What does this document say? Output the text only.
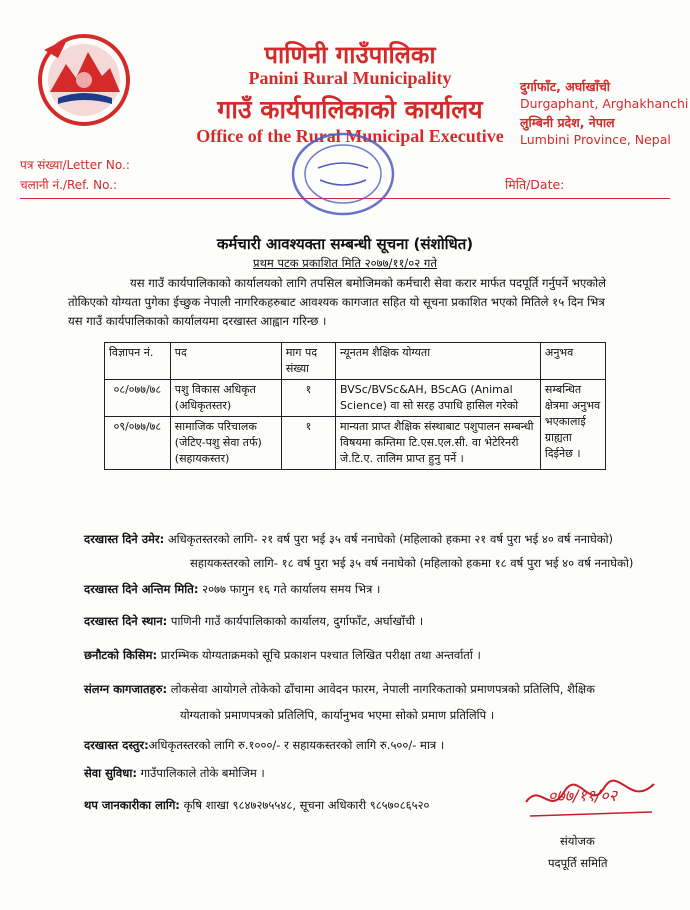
पाणिनी गाउँपालिका
Panini Rural Municipality
गाउँ कार्यपालिकाको कार्यालय
Office of the Rural Municipal Executive
दुर्गाफाँट, अर्घाखाँची
Durgaphant, Arghakhanchi
लुम्बिनी प्रदेश, नेपाल
Lumbini Province, Nepal
पत्र संख्या/Letter No.:
चलानी नं./Ref. No.:	मिति/Date:
कर्मचारी आवश्यक्ता सम्बन्धी सूचना (संशोधित)
प्रथम पटक प्रकाशित मिति २०७७/११/०२ गते
यस गाउँ कार्यपालिकाको कार्यालयको लागि तपसिल बमोजिमको कर्मचारी सेवा करार मार्फत पदपूर्ति गर्नुपर्ने भएकोले
तोकिएको योग्यता पुगेका ईच्छुक नेपाली नागरिकहरुबाट आवश्यक कागजात सहित यो सूचना प्रकाशित भएको मितिले १५ दिन भित्र
यस गाउँ कार्यपालिकाको कार्यालयमा दरखास्त आह्वान गरिन्छ ।
विज्ञापन नं.	पद	माग पद संख्या	न्यूनतम शैक्षिक योग्यता	अनुभव
०८/०७७/७८	पशु विकास अधिकृत (अधिकृतस्तर)	१	BVSc/BVSc&AH, BScAG (Animal Science) वा सो सरह उपाधि हासिल गरेको	सम्बन्धित क्षेत्रमा अनुभव भएकालाई ग्राह्यता दिईनेछ ।
०९/०७७/७८	सामाजिक परिचालक (जेटिए-पशु सेवा तर्फ) (सहायकस्तर)	१	मान्यता प्राप्त शैक्षिक संस्थाबाट पशुपालन सम्बन्धी विषयमा कम्तिमा टि.एस.एल.सी. वा भेटेरिनरी जे.टि.ए. तालिम प्राप्त हुनु पर्ने ।	
दरखास्त दिने उमेर: अधिकृतस्तरको लागि- २१ वर्ष पुरा भई ३५ वर्ष ननाघेको (महिलाको हकमा २१ वर्ष पुरा भई ४० वर्ष ननाघेको)
सहायकस्तरको लागि- १८ वर्ष पुरा भई ३५ वर्ष ननाघेको (महिलाको हकमा १८ वर्ष पुरा भई ४० वर्ष ननाघेको)
दरखास्त दिने अन्तिम मिति: २०७७ फागुन १६ गते कार्यालय समय भित्र ।
दरखास्त दिने स्थान: पाणिनी गाउँ कार्यपालिकाको कार्यालय, दुर्गाफाँट, अर्घाखाँची ।
छनौटको किसिम: प्रारम्भिक योग्यताक्रमको सूचि प्रकाशन पश्चात लिखित परीक्षा तथा अन्तर्वार्ता ।
संलग्न कागजातहरु: लोकसेवा आयोगले तोकेको ढाँचामा आवेदन फारम, नेपाली नागरिकताको प्रमाणपत्रको प्रतिलिपि, शैक्षिक
योग्यताको प्रमाणपत्रको प्रतिलिपि, कार्यानुभव भएमा सोको प्रमाण प्रतिलिपि ।
दरखास्त दस्तुर:अधिकृतस्तरको लागि रु.१०००/- र सहायकस्तरको लागि रु.५००/- मात्र ।
सेवा सुविधा: गाउँपालिकाले तोके बमोजिम ।
थप जानकारीका लागि: कृषि शाखा ९८४७२७५५४८, सूचना अधिकारी ९८५७०८६५२०	०७७/११/०२
संयोजक
पदपूर्ति समिति
